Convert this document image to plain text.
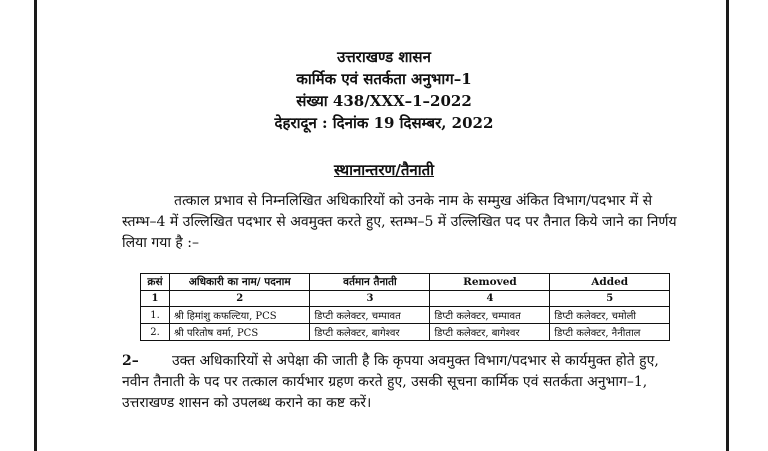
उत्तराखण्ड शासन
कार्मिक एवं सतर्कता अनुभाग–1
संख्या 438/XXX–1–2022
देहरादून : दिनांक 19 दिसम्बर, 2022
स्थानान्तरण/तैनाती
तत्काल प्रभाव से निम्नलिखित अधिकारियों को उनके नाम के सम्मुख अंकित विभाग/पदभार में से स्तम्भ–4 में उल्लिखित पदभार से अवमुक्त करते हुए, स्तम्भ–5 में उल्लिखित पद पर तैनात किये जाने का निर्णय लिया गया है :–
क्रसं	अधिकारी का नाम/ पदनाम	वर्तमान तैनाती	Removed	Added
1	2	3	4	5
1.	श्री हिमांशु कफल्टिया, PCS	डिप्टी कलेक्टर, चम्पावत	डिप्टी कलेक्टर, चम्पावत	डिप्टी कलेक्टर, चमोली
2.	श्री परितोष वर्मा, PCS	डिप्टी कलेक्टर, बागेश्वर	डिप्टी कलेक्टर, बागेश्वर	डिप्टी कलेक्टर, नैनीताल
2–	उक्त अधिकारियों से अपेक्षा की जाती है कि कृपया अवमुक्त विभाग/पदभार से कार्यमुक्त होते हुए, नवीन तैनाती के पद पर तत्काल कार्यभार ग्रहण करते हुए, उसकी सूचना कार्मिक एवं सतर्कता अनुभाग–1, उत्तराखण्ड शासन को उपलब्ध कराने का कष्ट करें।
